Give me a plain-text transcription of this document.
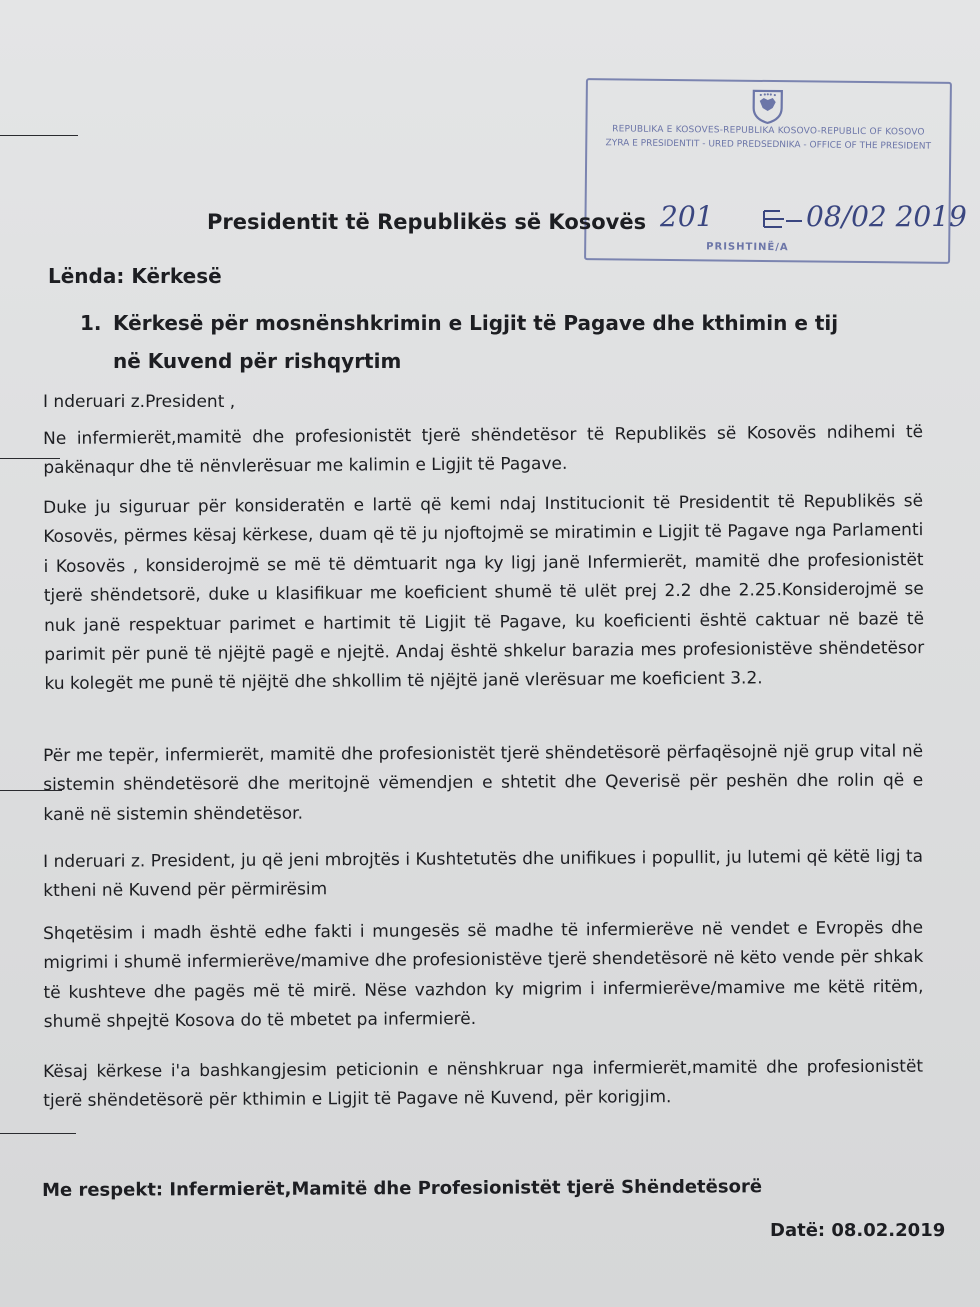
REPUBLIKA E KOSOVËS-REPUBLIKA KOSOVO-REPUBLIC OF KOSOVO
ZYRA E PRESIDENTIT - URED PREDSEDNIKA - OFFICE OF THE PRESIDENT
PRISHTINË/A
201	08/02 2019
Presidentit të Republikës së Kosovës
Lënda: Kërkesë
1. Kërkesë për mosnënshkrimin e Ligjit të Pagave dhe kthimin e tij në Kuvend për rishqyrtim
I nderuari z.President ,
Ne infermierët,mamitë dhe profesionistët tjerë shëndetësor të Republikës së Kosovës ndihemi të pakënaqur dhe të nënvlerësuar me kalimin e Ligjit të Pagave.
Duke ju siguruar për konsideratën e lartë që kemi ndaj Institucionit të Presidentit të Republikës së Kosovës, përmes kësaj kërkese, duam që të ju njoftojmë se miratimin e Ligjit të Pagave nga Parlamenti i Kosovës , konsiderojmë se më të dëmtuarit nga ky ligj janë Infermierët, mamitë dhe profesionistët tjerë shëndetsorë, duke u klasifikuar me koeficient shumë të ulët prej 2.2 dhe 2.25.Konsiderojmë se nuk janë respektuar parimet e hartimit të Ligjit të Pagave, ku koeficienti është caktuar në bazë të parimit për punë të njëjtë pagë e njejtë. Andaj është shkelur barazia mes profesionistëve shëndetësor ku kolegët me punë të njëjtë dhe shkollim të njëjtë janë vlerësuar me koeficient 3.2.
Për me tepër, infermierët, mamitë dhe profesionistët tjerë shëndetësorë përfaqësojnë një grup vital në sistemin shëndetësorë dhe meritojnë vëmendjen e shtetit dhe Qeverisë për peshën dhe rolin që e kanë në sistemin shëndetësor.
I nderuari z. President, ju që jeni mbrojtës i Kushtetutës dhe unifikues i popullit, ju lutemi që këtë ligj ta ktheni në Kuvend për përmirësim
Shqetësim i madh është edhe fakti i mungesës së madhe të infermierëve në vendet e Evropës dhe migrimi i shumë infermierëve/mamive dhe profesionistëve tjerë shendetësorë në këto vende për shkak të kushteve dhe pagës më të mirë. Nëse vazhdon ky migrim i infermierëve/mamive me këtë ritëm, shumë shpejtë Kosova do të mbetet pa infermierë.
Kësaj kërkese i'a bashkangjesim peticionin e nënshkruar nga infermierët,mamitë dhe profesionistët tjerë shëndetësorë për kthimin e Ligjit të Pagave në Kuvend, për korigjim.
Me respekt: Infermierët,Mamitë dhe Profesionistët tjerë Shëndetësorë
Datë: 08.02.2019
